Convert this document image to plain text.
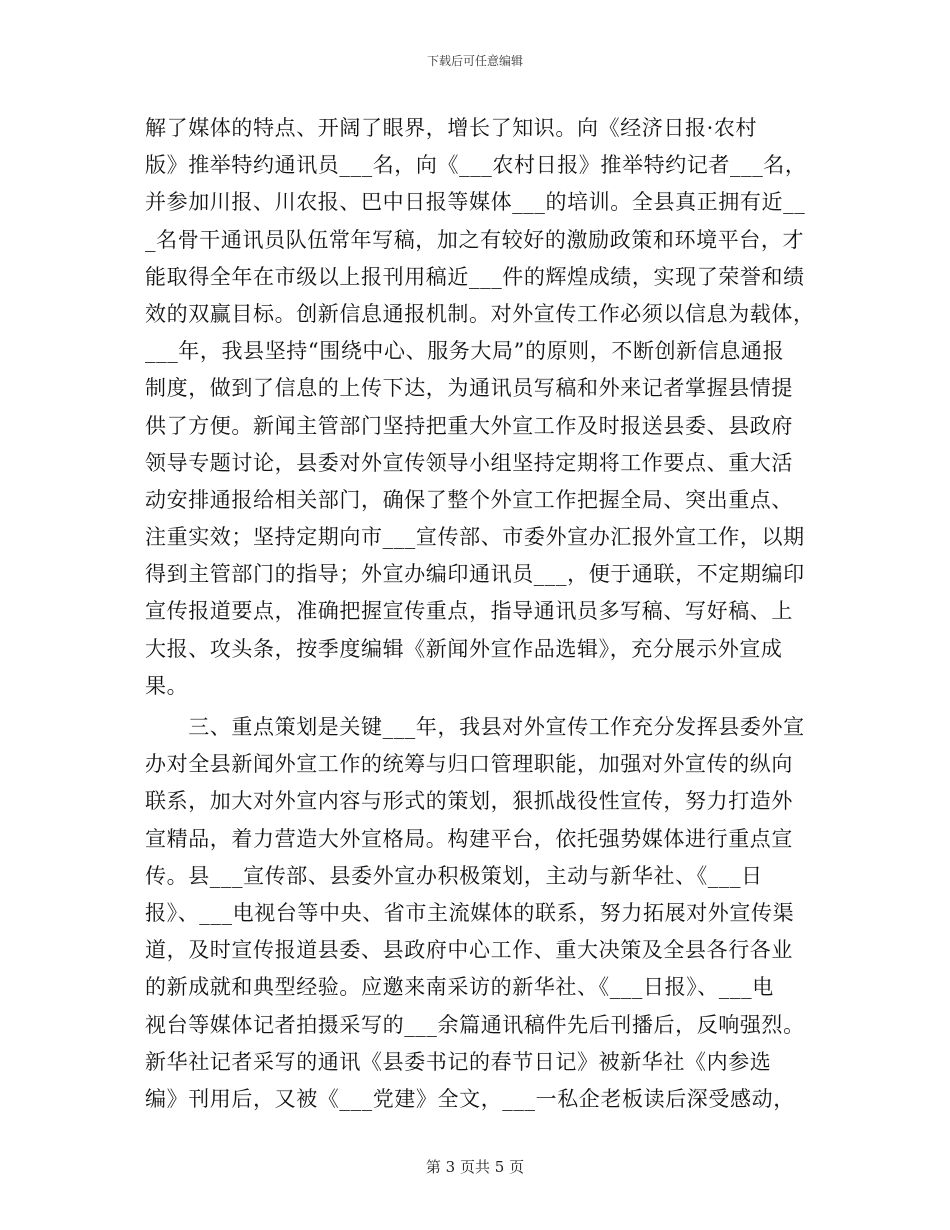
下载后可任意编辑
解了媒体的特点、开阔了眼界，增长了知识。向《经济日报·农村
版》推举特约通讯员___名，向《___农村日报》推举特约记者___名，
并参加川报、川农报、巴中日报等媒体___的培训。全县真正拥有近__
_名骨干通讯员队伍常年写稿，加之有较好的激励政策和环境平台，才
能取得全年在市级以上报刊用稿近___件的辉煌成绩，实现了荣誉和绩
效的双赢目标。创新信息通报机制。对外宣传工作必须以信息为载体，
___年，我县坚持“围绕中心、服务大局”的原则，不断创新信息通报
制度，做到了信息的上传下达，为通讯员写稿和外来记者掌握县情提
供了方便。新闻主管部门坚持把重大外宣工作及时报送县委、县政府
领导专题讨论，县委对外宣传领导小组坚持定期将工作要点、重大活
动安排通报给相关部门，确保了整个外宣工作把握全局、突出重点、
注重实效；坚持定期向市___宣传部、市委外宣办汇报外宣工作，以期
得到主管部门的指导；外宣办编印通讯员___，便于通联，不定期编印
宣传报道要点，准确把握宣传重点，指导通讯员多写稿、写好稿、上
大报、攻头条，按季度编辑《新闻外宣作品选辑》，充分展示外宣成
果。
　　三、重点策划是关键___年，我县对外宣传工作充分发挥县委外宣
办对全县新闻外宣工作的统筹与归口管理职能，加强对外宣传的纵向
联系，加大对外宣内容与形式的策划，狠抓战役性宣传，努力打造外
宣精品，着力营造大外宣格局。构建平台，依托强势媒体进行重点宣
传。县___宣传部、县委外宣办积极策划，主动与新华社、《___日
报》、___电视台等中央、省市主流媒体的联系，努力拓展对外宣传渠
道，及时宣传报道县委、县政府中心工作、重大决策及全县各行各业
的新成就和典型经验。应邀来南采访的新华社、《___日报》、___电
视台等媒体记者拍摄采写的___余篇通讯稿件先后刊播后，反响强烈。
新华社记者采写的通讯《县委书记的春节日记》被新华社《内参选
编》刊用后，又被《___党建》全文，___一私企老板读后深受感动，
第 3 页共 5 页
